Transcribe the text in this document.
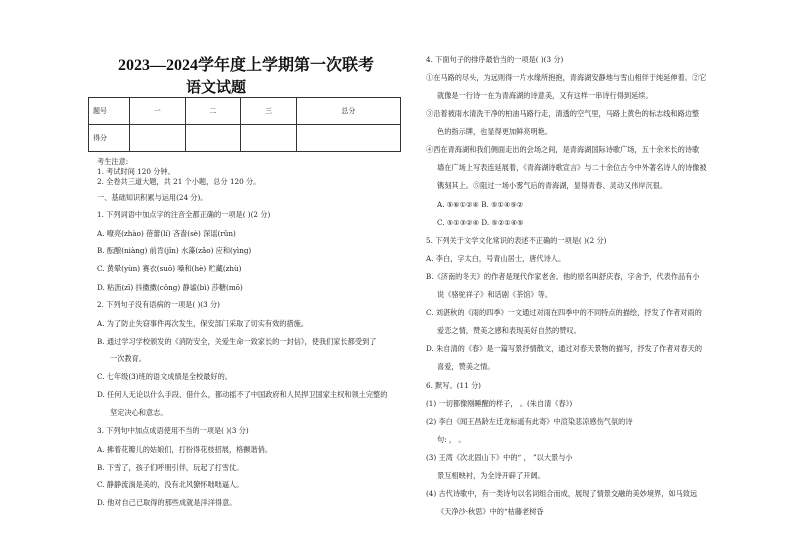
2023—2024学年度上学期第一次联考
语文试题
题号	一	二	三	总分
得分				
考生注意:
1. 考试时间 120 分钟。
2. 全卷共三道大题，共 21 个小题，总分 120 分。
一、基础知识积累与运用(24 分)。
1. 下列词语中加点字的注音全都正确的一项是( )(2 分)
A. 嘹亮(zhào) 蓓蕾(lí) 吝啬(sè) 深谣(rǔn)
B. 酝酿(niàng) 前肯(jǐn) 水藻(zǎo) 应和(yìng)
C. 黄晕(yùn) 赛衣(suō) 嗓和(hè) 贮藏(zhù)
D. 粘沥(zī) 抖擞擞(cǒng) 静谧(bì) 莎糖(mō)
2. 下列句子没有语病的一项是( )(3 分)
A. 为了防止失窃事件再次发生，保安部门采取了切实有效的措施。
B. 通过学习学校颁发的《消防安全，关爱生命一致家长的一封信》，使我们家长都受到了
一次教育。
C. 七年级(3)班的语文成绩是全校最好的。
D. 任何人无论以什么手段、借什么，都动摇不了中国政府和人民捍卫国家主权和领土完整的
坚定决心和意志。
3. 下列句中加点成语使用不当的一项是( )(3 分)
A. 拂着花瓣儿的姑娘们，打扮得花枝招展，格颤谐俏。
B. 下雪了，孩子们呼朋引伴，玩起了打雪仗。
C. 静静流淌是美的，没有北风獠怀咄咄逼人。
D. 他对自己已取得的那些成就是洋洋得意。
4. 下面句子的排序最恰当的一项是( )(3 分)
①在马路的尽头，为远则得一片水缘所抱抱，青海湖安静地与雪山相伴于纯延伸着。②它
就像是一行诗一在为青海湖的诗意美，又有这样一串诗行得到延续。
③沿着被雨水清洗干净的柏油马路行走，清透的空气里，马路上黄色的标志线和路边整
色的指示牌，也显得更加鲜亮明艳。
④西在青海湖和我们侧面走出的会场之间，是青海湖国际诗歌广场，五十余米长的诗歌
墙在广场上写表连延展着，《青海湖诗歌宣言》与二十余位古今中外著名诗人的诗像被
镌刻其上。⑤阻过一场小雾气后的青海湖，显得青春、灵动又伟岸沉很。
A. ⑤⑥①②④ B. ⑤①④⑤②
C. ⑤①③②④ D. ⑤②①④⑤
5. 下列关于文学文化常识的表述不正确的一项是( )(2 分)
A. 李白，字太白，号青山居士，唐代诗人。
B.《济南的冬天》的作者是现代作家老舍。他的原名叫舒庆春，字舍予，代表作品有小
说《骆驼祥子》和话剧《茶馆》等。
C. 刘湛秋的《雨的四季》一文通过对雨在四季中的不同特点的描绘，抒发了作者对雨的
爱恋之情，赞美之感和表现美好自然的赞叹。
D. 朱自清的《春》是一篇写景抒情散文，通过对春天景物的描写，抒发了作者对春天的
喜爱，赞美之情。
6. 默写。(11 分)
(1) 一切都像刚睡醒的样子， 。(朱自清《春》)
(2) 李白《闻王昌龄左迁龙标遥有此寄》中渲染悲凉感伤气氛的诗
句: ， 。
(3) 王湾《次北固山下》中的“ ， ”以大景与小
景互相映衬，为全诗开辟了开阔。
(4) 古代诗歌中，有一类诗句以名词组合而成，展现了情景交融的美妙境界，如马致远
《天净沙·秋思》中的“枯藤老树昏
